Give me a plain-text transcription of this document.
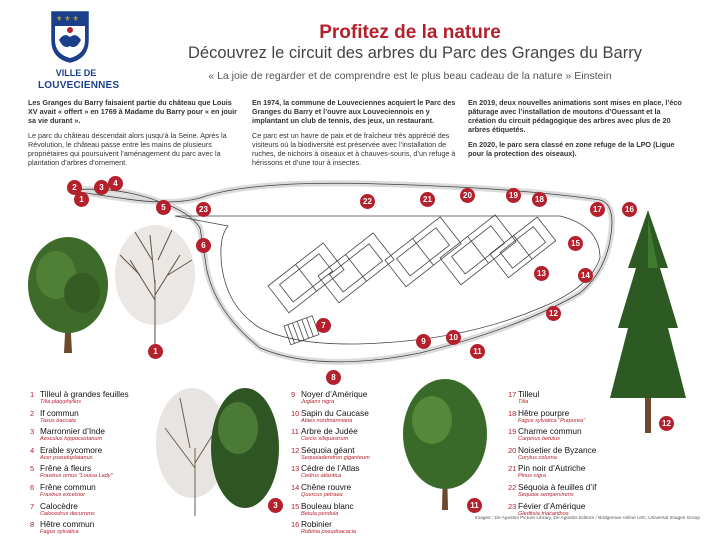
⚜ ⚜ ⚜
VILLE DE
LOUVECIENNES
Profitez de la nature
Découvrez le circuit des arbres du Parc des Granges du Barry
« La joie de regarder et de comprendre est le plus beau cadeau de la nature » Einstein

Les Granges du Barry faisaient partie du château que Louis XV avait « offert » en 1769 à Madame du Barry pour « en jouir sa vie durant ».

Le parc du château descendait alors jusqu’à la Seine. Après la Révolution, le château passe entre les mains de plusieurs propriétaires qui poursuivent l’aménagement du parc avec la plantation d’arbres d’ornement.

En 1974, la commune de Louveciennes acquiert le Parc des Granges du Barry et l’ouvre aux Louveciennois en y implantant un club de tennis, des jeux, un restaurant.

Ce parc est un havre de paix et de fraîcheur très apprécié des visiteurs où la biodiversité est préservée avec l’installation de ruches, de nichoirs à oiseaux et à chauves-souris, d’un refuge à hérissons et d’une tour à insectes.

En 2019, deux nouvelles animations sont mises en place, l’éco pâturage avec l’installation de moutons d’Ouessant et la création du circuit pédagogique des arbres avec plus de 20 arbres étiquetés.

En 2020, le parc sera classé en zone refuge de la LPO (Ligue pour la protection des oiseaux).

1
2	3	4
5
6
7
8
9	10
11
12
13	14
15
16
17
18
19
20
21
22
23
1
3	11
12
1 Tilleul à grandes feuilles
Tilia platyphyllos
2 If commun
Taxus baccata
3 Marronnier d’Inde
Aesculus hippocastanum
4 Erable sycomore
Acer pseudoplatanus
5 Frêne à fleurs
Fraxinus ornus "Louisa Lady"
6 Frêne commun
Fraxinus excelsior
7 Calocèdre
Calocedrus decurrens
8 Hêtre commun
Fagus sylvatica
9 Noyer d’Amérique
Juglans nigra
10 Sapin du Caucase
Abies nordmanniana
11 Arbre de Judée
Cercis siliquastrum
12 Séquoia géant
Sequoiadendron giganteum
13 Cèdre de l’Atlas
Cedrus atlantica
14 Chêne rouvre
Quercus petraea
15 Bouleau blanc
Betula pendula
16 Robinier
Robinia pseudoacacia
17 Tilleul
Tilia
18 Hêtre pourpre
Fagus sylvatica "Purpurea"
19 Charme commun
Carpinus betulus
20 Noisetier de Byzance
Corylus colurna
21 Pin noir d’Autriche
Pinus nigra
22 Séquoia à feuilles d’if
Sequoia sempervirens
23 Févier d’Amérique
Gleditsia triacanthos
Images : De Agostini Picture Library, De Agostini Editore / Bridgeman-online UIG, Universal Images Group
